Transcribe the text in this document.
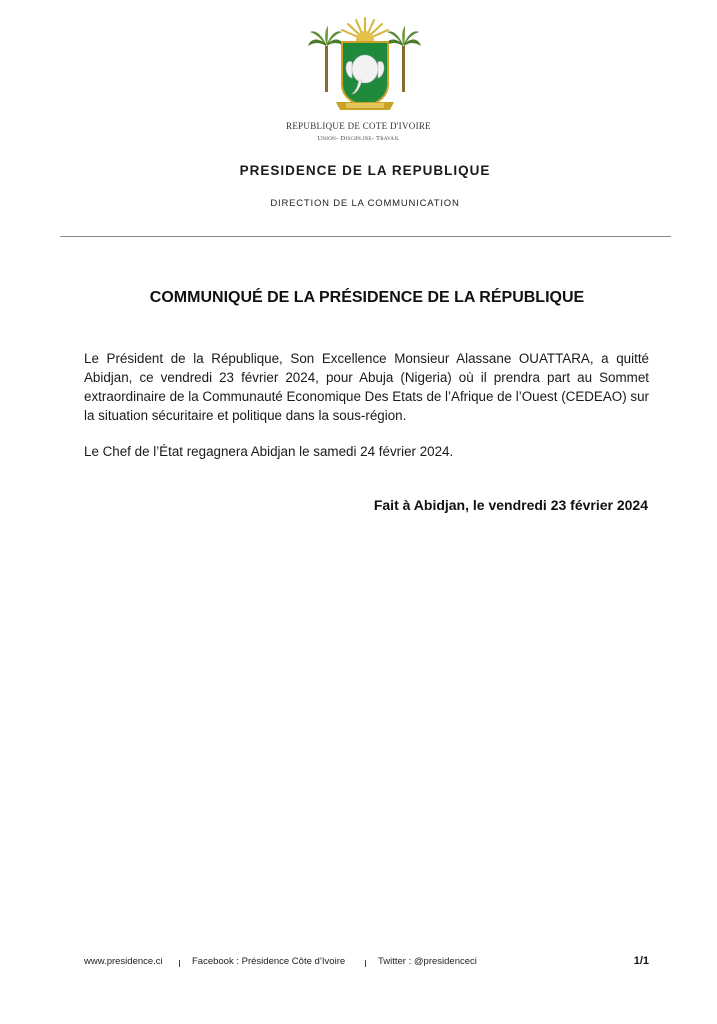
REPUBLIQUE DE COTE D'IVOIRE
Union- Discipline- Travail
PRESIDENCE DE LA REPUBLIQUE
DIRECTION DE LA COMMUNICATION
COMMUNIQUÉ DE LA PRÉSIDENCE DE LA RÉPUBLIQUE

Le Président de la République, Son Excellence Monsieur Alassane OUATTARA, a quitté Abidjan, ce vendredi 23 février 2024, pour Abuja (Nigeria) où il prendra part au Sommet extraordinaire de la Communauté Economique Des Etats de l’Afrique de l’Ouest (CEDEAO) sur la situation sécuritaire et politique dans la sous-région.

Le Chef de l’État regagnera Abidjan le samedi 24 février 2024.

Fait à Abidjan, le vendredi 23 février 2024
www.presidence.ci	Facebook : Présidence Côte d’Ivoire	Twitter : @presidenceci	1/1
